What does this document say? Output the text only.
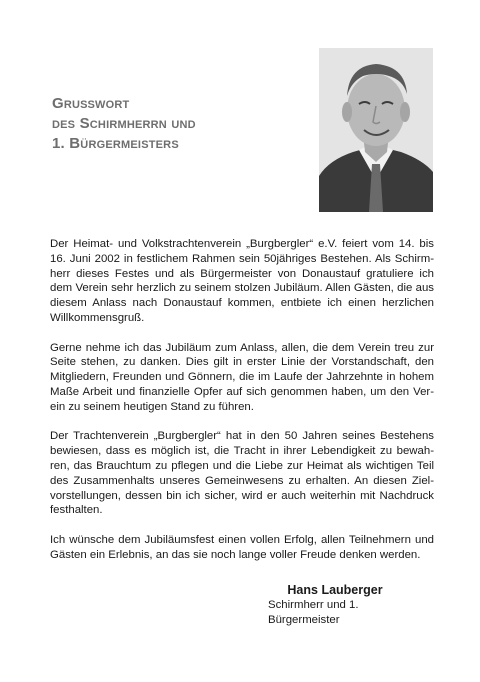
Grußwort
des Schirmherrn und
1. Bürgermeisters

Der Heimat- und Volkstrachtenverein „Burgbergler“ e.V. feiert vom 14. bis 16. Juni 2002 in festlichem Rahmen sein 50jähriges Bestehen. Als Schirmherr dieses Festes und als Bürgermeister von Donaustauf gratuliere ich dem Verein sehr herzlich zu seinem stolzen Jubiläum. Allen Gästen, die aus diesem Anlass nach Donaustauf kommen, entbiete ich einen herzlichen Willkommensgruß.

Gerne nehme ich das Jubiläum zum Anlass, allen, die dem Verein treu zur Seite stehen, zu danken. Dies gilt in erster Linie der Vorstandschaft, den Mitgliedern, Freunden und Gönnern, die im Laufe der Jahrzehnte in hohem Maße Arbeit und finanzielle Opfer auf sich genommen haben, um den Verein zu seinem heutigen Stand zu führen.

Der Trachtenverein „Burgbergler“ hat in den 50 Jahren seines Bestehens bewiesen, dass es möglich ist, die Tracht in ihrer Lebendigkeit zu bewahren, das Brauchtum zu pflegen und die Liebe zur Heimat als wichtigen Teil des Zusammenhalts unseres Gemeinwesens zu erhalten. An diesen Zielvorstellungen, dessen bin ich sicher, wird er auch weiterhin mit Nachdruck festhalten.

Ich wünsche dem Jubiläumsfest einen vollen Erfolg, allen Teilnehmern und Gästen ein Erlebnis, an das sie noch lange voller Freude denken werden.

Hans Lauberger
Schirmherr und 1. Bürgermeister
